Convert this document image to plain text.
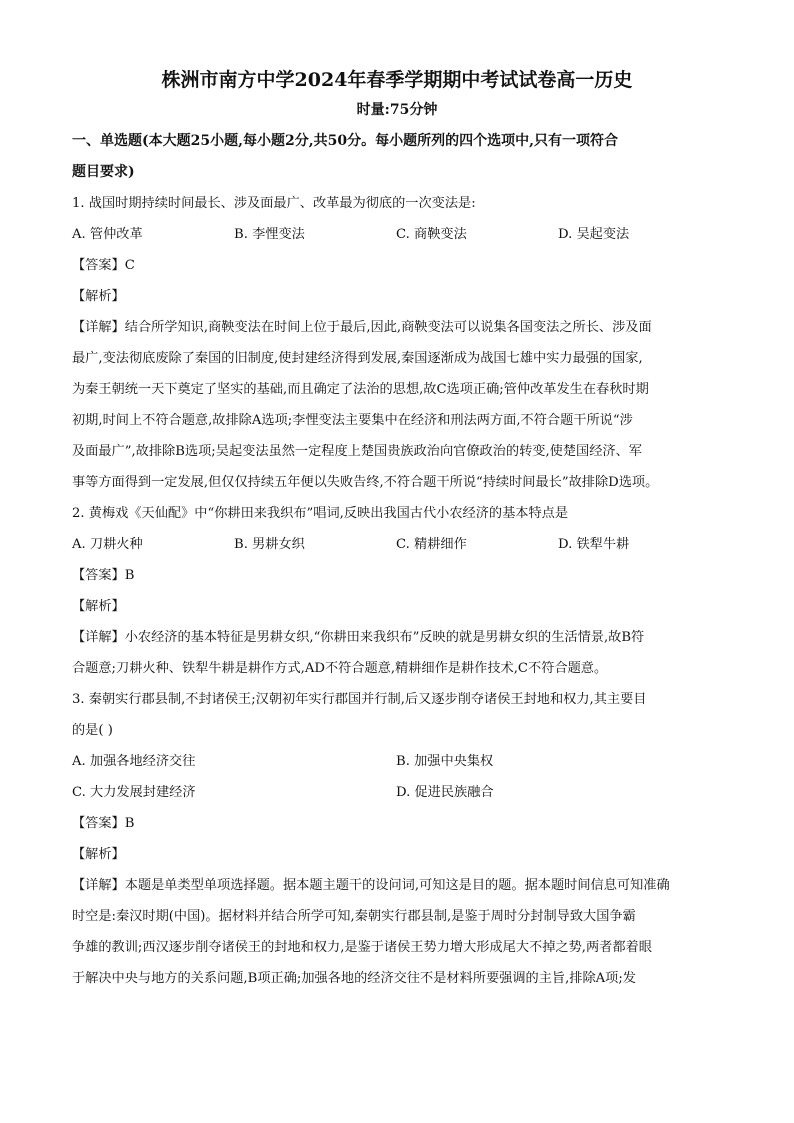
株洲市南方中学2024年春季学期期中考试试卷高一历史
时量:75分钟
一、单选题(本大题25小题,每小题2分,共50分。每小题所列的四个选项中,只有一项符合
题目要求)
1. 战国时期持续时间最长、涉及面最广、改革最为彻底的一次变法是:
A. 管仲改革	B. 李悝变法	C. 商鞅变法	D. 吴起变法
【答案】C
【解析】
【详解】结合所学知识,商鞅变法在时间上位于最后,因此,商鞅变法可以说集各国变法之所长、涉及面
最广,变法彻底废除了秦国的旧制度,使封建经济得到发展,秦国逐渐成为战国七雄中实力最强的国家,
为秦王朝统一天下奠定了坚实的基础,而且确定了法治的思想,故C选项正确;管仲改革发生在春秋时期
初期,时间上不符合题意,故排除A选项;李悝变法主要集中在经济和刑法两方面,不符合题干所说“涉
及面最广”,故排除B选项;吴起变法虽然一定程度上楚国贵族政治向官僚政治的转变,使楚国经济、军
事等方面得到一定发展,但仅仅持续五年便以失败告终,不符合题干所说“持续时间最长”故排除D选项。
2. 黄梅戏《天仙配》中“你耕田来我织布”唱词,反映出我国古代小农经济的基本特点是
A. 刀耕火种	B. 男耕女织	C. 精耕细作	D. 铁犁牛耕
【答案】B
【解析】
【详解】小农经济的基本特征是男耕女织,“你耕田来我织布”反映的就是男耕女织的生活情景,故B符
合题意;刀耕火种、铁犁牛耕是耕作方式,AD不符合题意,精耕细作是耕作技术,C不符合题意。
3. 秦朝实行郡县制,不封诸侯王;汉朝初年实行郡国并行制,后又逐步削夺诸侯王封地和权力,其主要目
的是( )
A. 加强各地经济交往	B. 加强中央集权
C. 大力发展封建经济	D. 促进民族融合
【答案】B
【解析】
【详解】本题是单类型单项选择题。据本题主题干的设问词,可知这是目的题。据本题时间信息可知准确
时空是:秦汉时期(中国)。据材料并结合所学可知,秦朝实行郡县制,是鉴于周时分封制导致大国争霸
争雄的教训;西汉逐步削夺诸侯王的封地和权力,是鉴于诸侯王势力增大形成尾大不掉之势,两者都着眼
于解决中央与地方的关系问题,B项正确;加强各地的经济交往不是材料所要强调的主旨,排除A项;发
